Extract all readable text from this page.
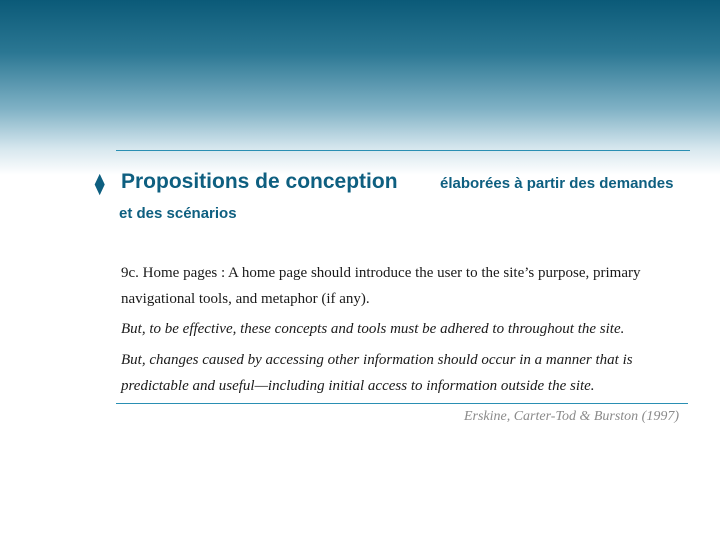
⧫ Propositions de conception	élaborées à partir des demandes
et des scénarios

9c. Home pages : A home page should introduce the user to the site’s purpose, primary navigational tools, and metaphor (if any).

But, to be effective, these concepts and tools must be adhered to throughout the site.

But, changes caused by accessing other information should occur in a manner that is predictable and useful—including initial access to information outside the site.

Erskine, Carter-Tod & Burston (1997)
